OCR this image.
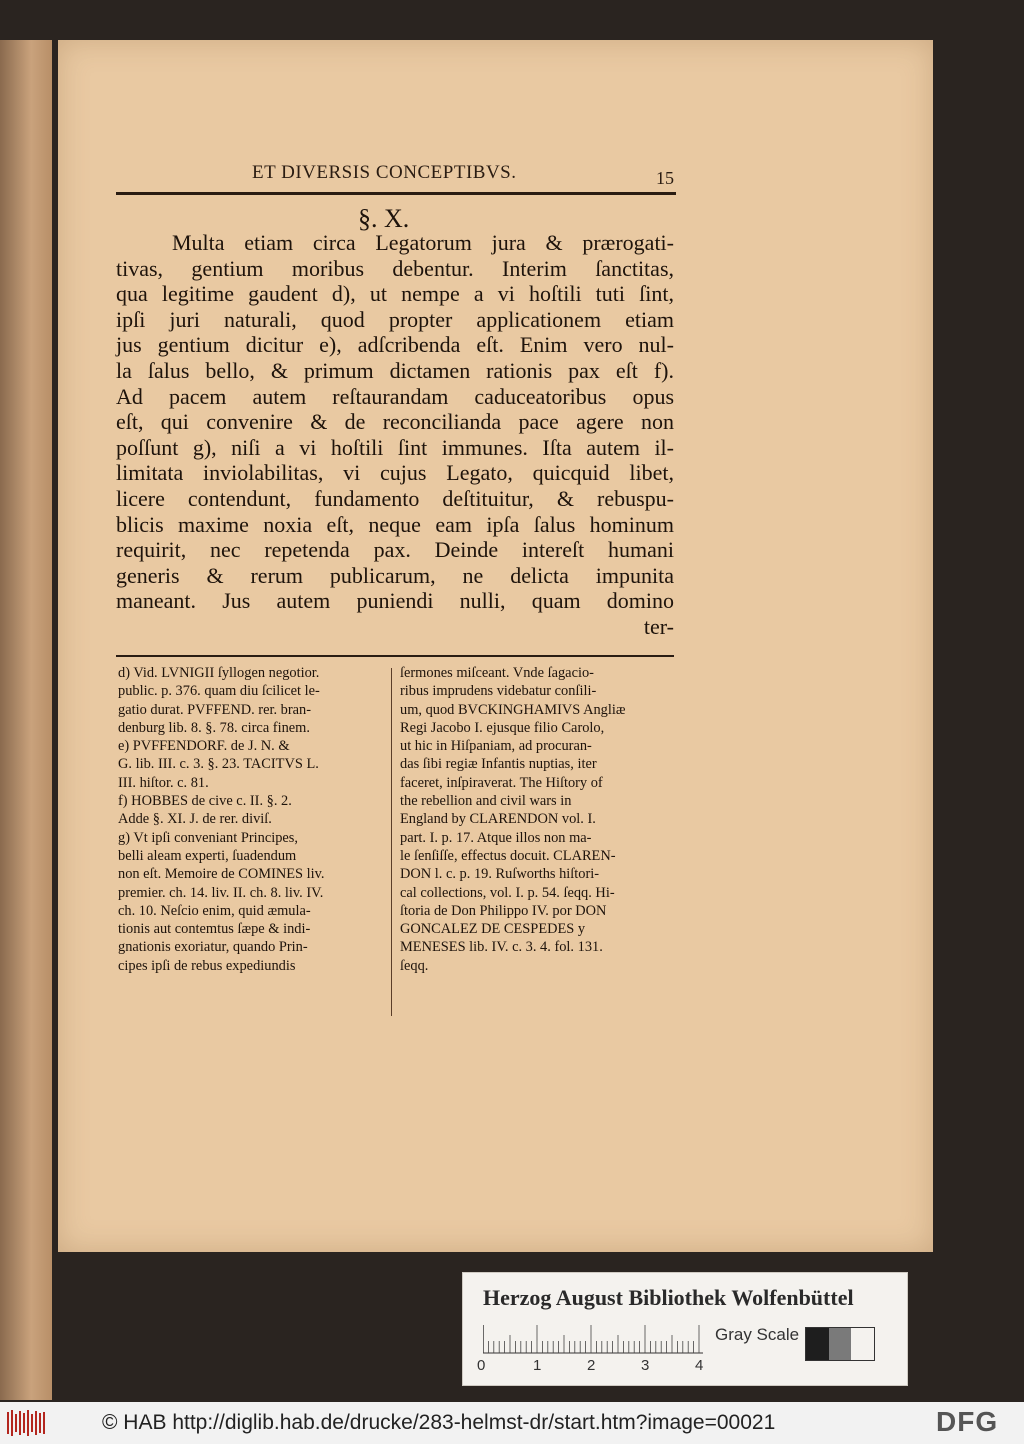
ET DIVERSIS CONCEPTIBVS.	15
§. X.
Multa etiam circa Legatorum jura & prærogati-
tivas, gentium moribus debentur. Interim ſanctitas,
qua legitime gaudent d), ut nempe a vi hoſtili tuti ſint,
ipſi juri naturali, quod propter applicationem etiam
jus gentium dicitur e), adſcribenda eſt. Enim vero nul-
la ſalus bello, & primum dictamen rationis pax eſt f).
Ad pacem autem reſtaurandam caduceatoribus opus
eſt, qui convenire & de reconcilianda pace agere non
poſſunt g), niſi a vi hoſtili ſint immunes. Iſta autem il-
limitata inviolabilitas, vi cujus Legato, quicquid libet,
licere contendunt, fundamento deſtituitur, & rebuspu-
blicis maxime noxia eſt, neque eam ipſa ſalus hominum
requirit, nec repetenda pax. Deinde intereſt humani
generis & rerum publicarum, ne delicta impunita
maneant. Jus autem puniendi nulli, quam domino
ter-
d) Vid. LVNIGII ſyllogen negotior.
public. p. 376. quam diu ſcilicet le-
gatio durat. PVFFEND. rer. bran-
denburg lib. 8. §. 78. circa finem.
e) PVFFENDORF. de J. N. &
G. lib. III. c. 3. §. 23. TACITVS L.
III. hiſtor. c. 81.
f) HOBBES de cive c. II. §. 2.
Adde §. XI. J. de rer. diviſ.
g) Vt ipſi conveniant Principes,
belli aleam experti, ſuadendum
non eſt. Memoire de COMINES liv.
premier. ch. 14. liv. II. ch. 8. liv. IV.
ch. 10. Neſcio enim, quid æmula-
tionis aut contemtus ſæpe & indi-
gnationis exoriatur, quando Prin-
cipes ipſi de rebus expediundis
ſermones miſceant. Vnde ſagacio-
ribus imprudens videbatur conſili-
um, quod BVCKINGHAMIVS Angliæ
Regi Jacobo I. ejusque filio Carolo,
ut hic in Hiſpaniam, ad procuran-
das ſibi regiæ Infantis nuptias, iter
faceret, inſpiraverat. The Hiſtory of
the rebellion and civil wars in
England by CLARENDON vol. I.
part. I. p. 17. Atque illos non ma-
le ſenſiſſe, effectus docuit. CLAREN-
DON l. c. p. 19. Ruſworths hiſtori-
cal collections, vol. I. p. 54. ſeqq. Hi-
ſtoria de Don Philippo IV. por DON
GONCALEZ DE CESPEDES y
MENESES lib. IV. c. 3. 4. fol. 131.
ſeqq.
Herzog August Bibliothek Wolfenbüttel
0	1	2	3	4
Gray Scale
© HAB http://diglib.hab.de/drucke/283-helmst-dr/start.htm?image=00021	DFG
